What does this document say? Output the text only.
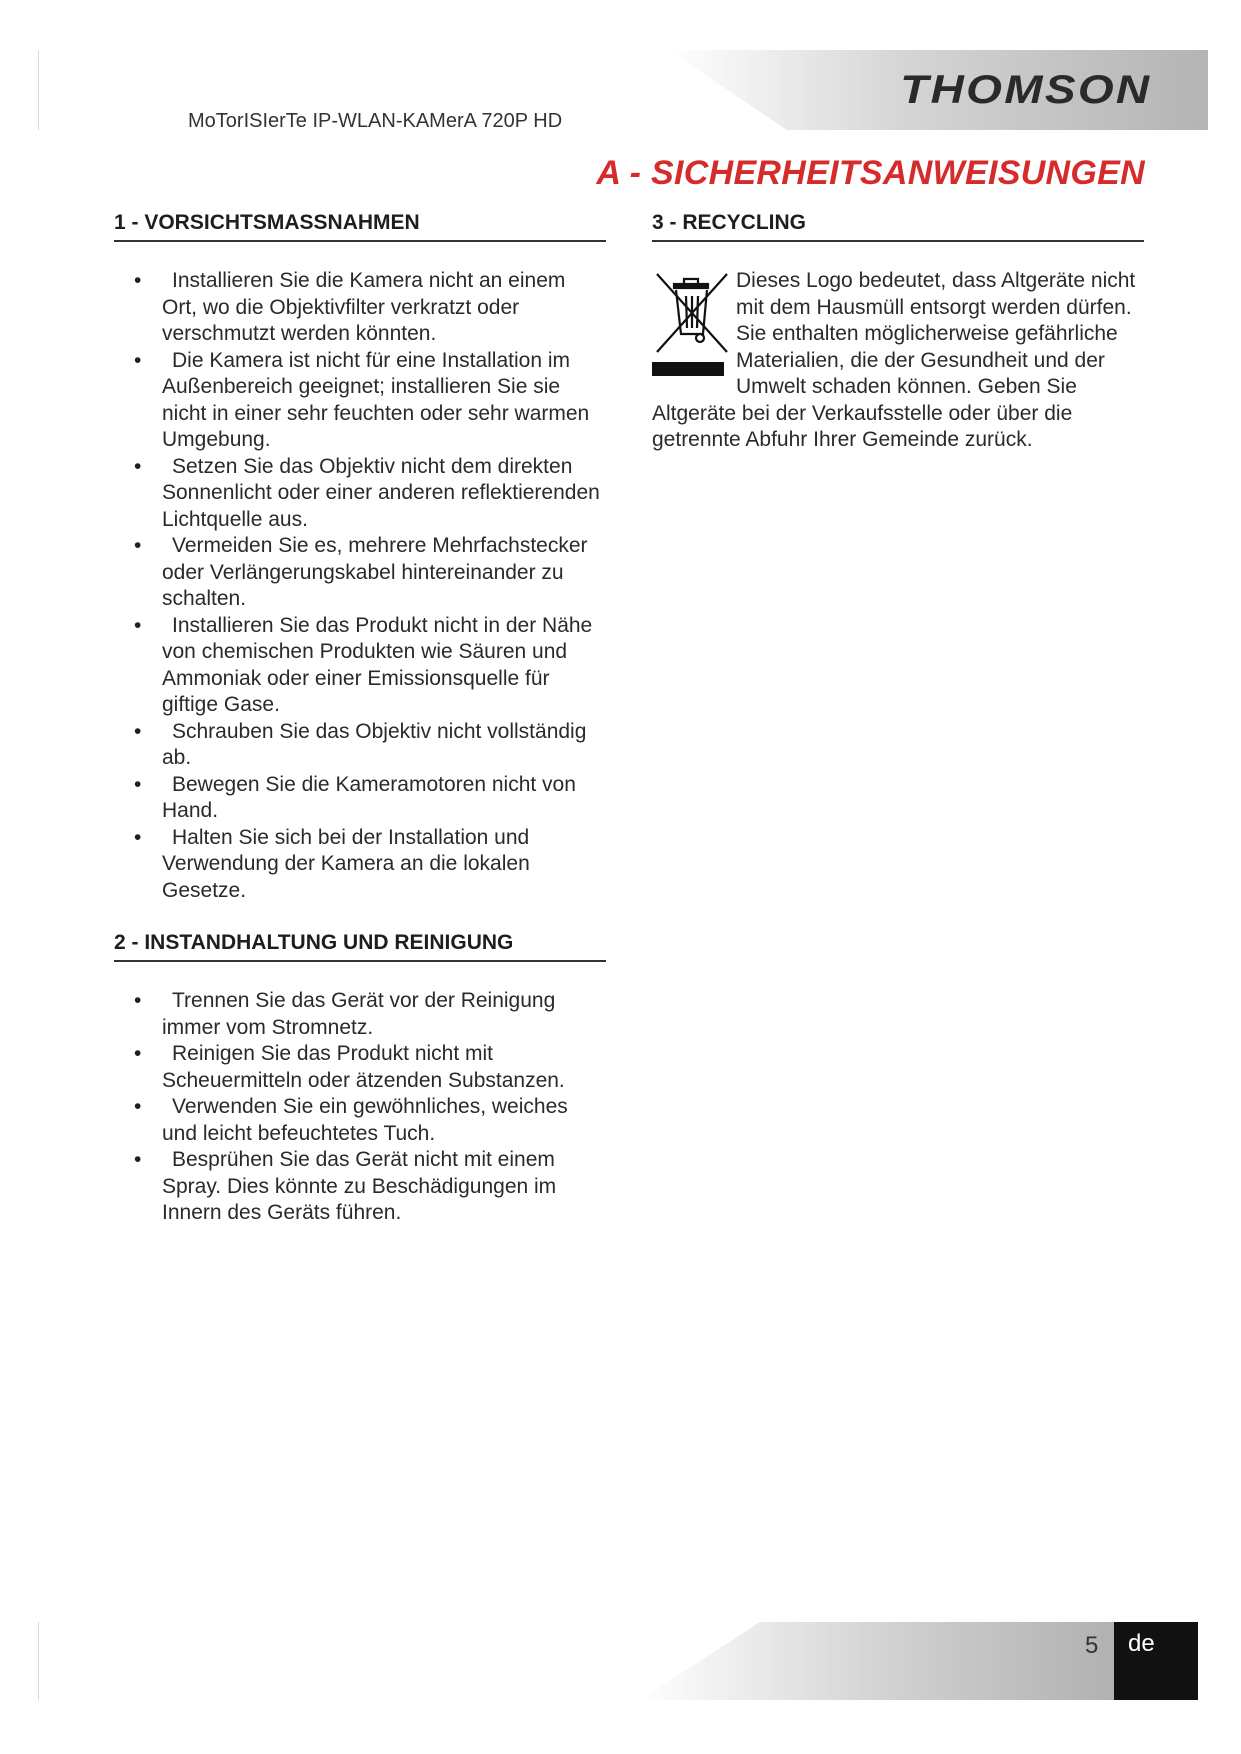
THOMSON
MoTorISIerTe IP-WLAN-KAMerA 720P HD
A - SICHERHEITSANWEISUNGEN
1 - VORSICHTSMASSNAHMEN
• Installieren Sie die Kamera nicht an einem Ort, wo die Objektivfilter verkratzt oder verschmutzt werden könnten.
• Die Kamera ist nicht für eine Installation im Außenbereich geeignet; installieren Sie sie nicht in einer sehr feuchten oder sehr warmen Umgebung.
• Setzen Sie das Objektiv nicht dem direkten Sonnenlicht oder einer anderen reflektierenden Lichtquelle aus.
• Vermeiden Sie es, mehrere Mehrfachstecker oder Verlängerungskabel hintereinander zu schalten.
• Installieren Sie das Produkt nicht in der Nähe von chemischen Produkten wie Säuren und Ammoniak oder einer Emissionsquelle für giftige Gase.
• Schrauben Sie das Objektiv nicht vollständig ab.
• Bewegen Sie die Kameramotoren nicht von Hand.
• Halten Sie sich bei der Installation und Verwendung der Kamera an die lokalen Gesetze.
2 - INSTANDHALTUNG UND REINIGUNG
• Trennen Sie das Gerät vor der Reinigung immer vom Stromnetz.
• Reinigen Sie das Produkt nicht mit Scheuermitteln oder ätzenden Substanzen.
• Verwenden Sie ein gewöhnliches, weiches und leicht befeuchtetes Tuch.
• Besprühen Sie das Gerät nicht mit einem Spray. Dies könnte zu Beschädigungen im Innern des Geräts führen.
3 - RECYCLING
Dieses Logo bedeutet, dass Altgeräte nicht mit dem Hausmüll entsorgt werden dürfen. Sie enthalten möglicherweise gefährliche Materialien, die der Gesundheit und der Umwelt schaden können. Geben Sie Altgeräte bei der Verkaufsstelle oder über die getrennte Abfuhr Ihrer Gemeinde zurück.
5 de
